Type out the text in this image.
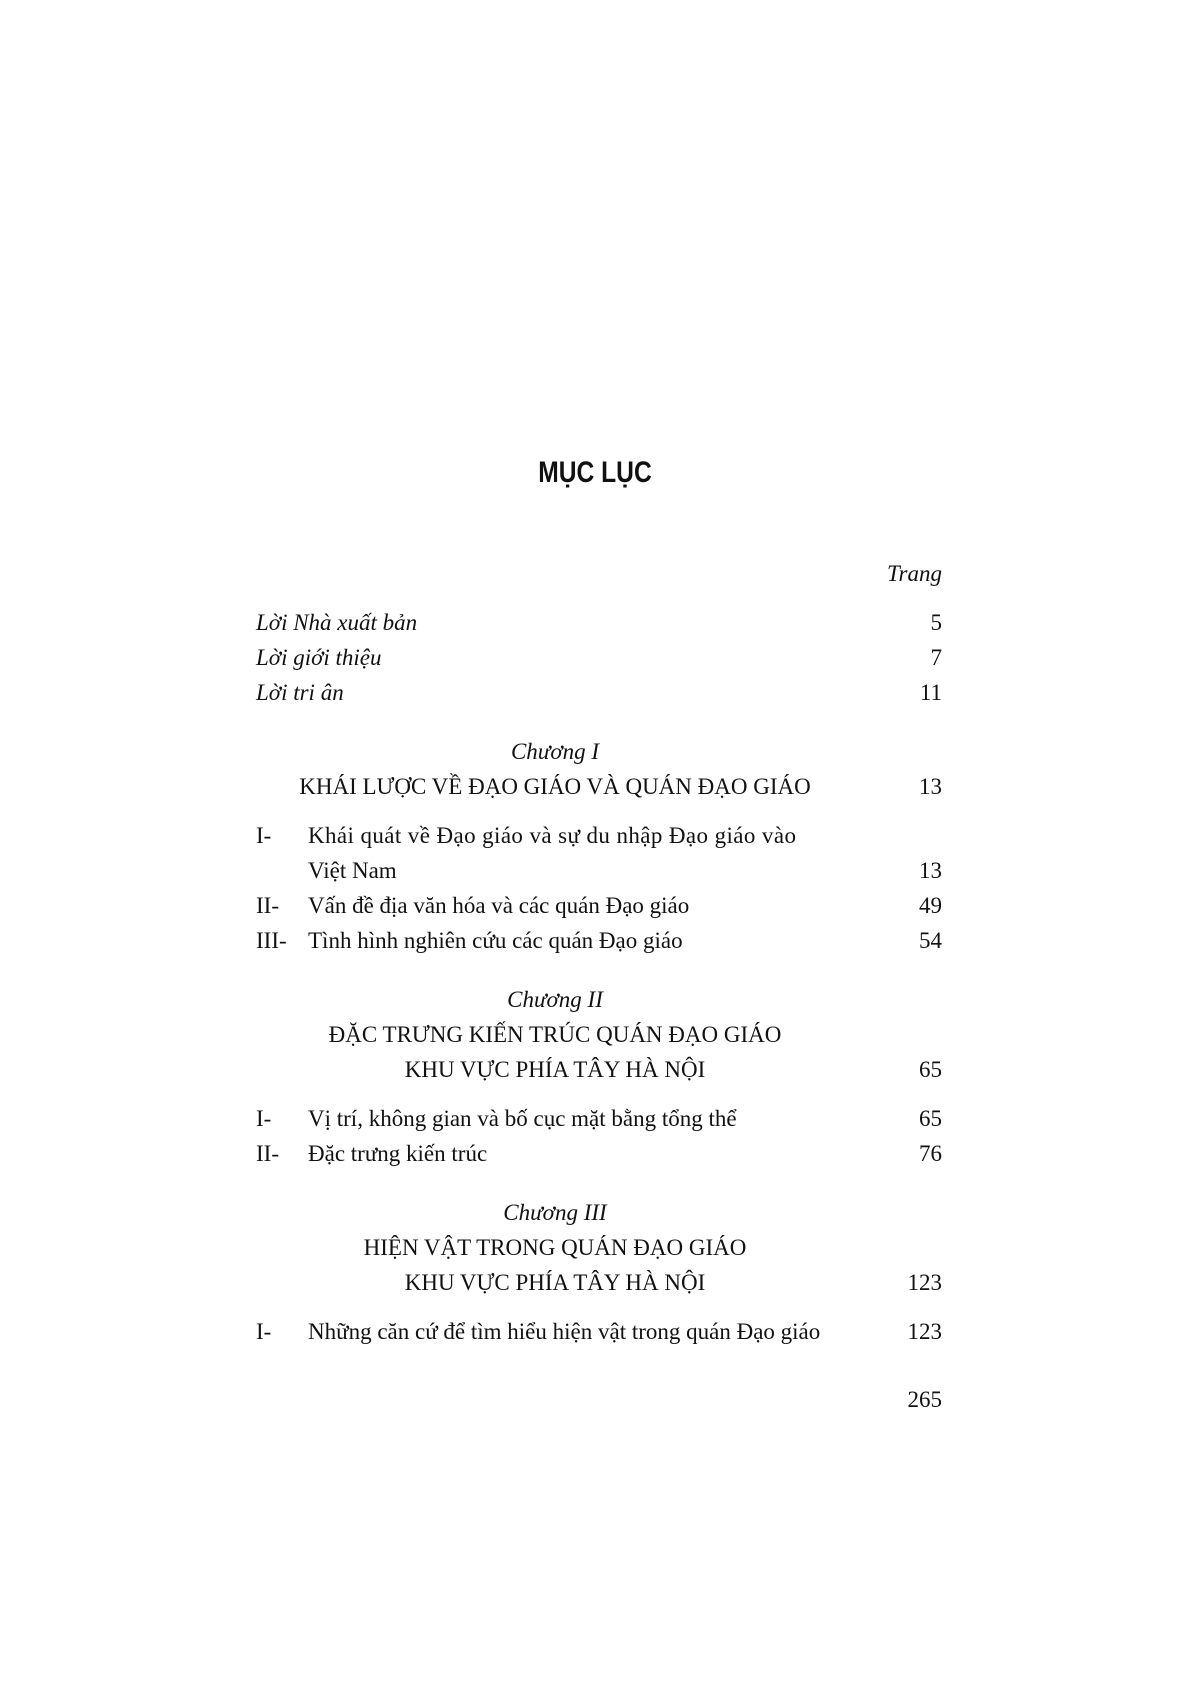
MỤC LỤC
Trang
Lời Nhà xuất bản	5
Lời giới thiệu	7
Lời tri ân	11
Chương I
KHÁI LƯỢC VỀ ĐẠO GIÁO VÀ QUÁN ĐẠO GIÁO	13
I- Khái quát về Đạo giáo và sự du nhập Đạo giáo vào
Việt Nam	13
II- Vấn đề địa văn hóa và các quán Đạo giáo	49
III- Tình hình nghiên cứu các quán Đạo giáo	54
Chương II
ĐẶC TRƯNG KIẾN TRÚC QUÁN ĐẠO GIÁO
KHU VỰC PHÍA TÂY HÀ NỘI	65
I- Vị trí, không gian và bố cục mặt bằng tổng thể	65
II- Đặc trưng kiến trúc	76
Chương III
HIỆN VẬT TRONG QUÁN ĐẠO GIÁO
KHU VỰC PHÍA TÂY HÀ NỘI	123
I- Những căn cứ để tìm hiểu hiện vật trong quán Đạo giáo	123
265
